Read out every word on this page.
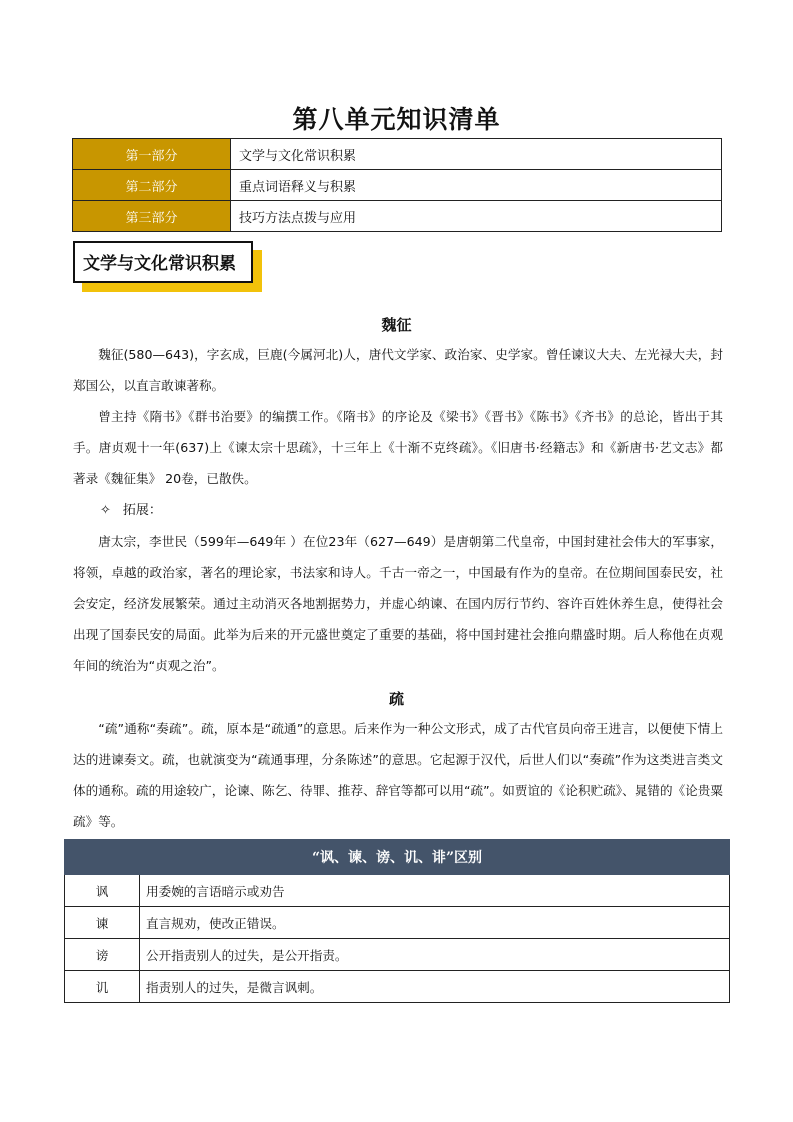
第八单元知识清单
第一部分	文学与文化常识积累
第二部分	重点词语释义与积累
第三部分	技巧方法点拨与应用
文学与文化常识积累
魏征

魏征(580—643)，字玄成，巨鹿(今属河北)人，唐代文学家、政治家、史学家。曾任谏议大夫、左光禄大夫，封郑国公，以直言敢谏著称。

曾主持《隋书》《群书治要》的编撰工作。《隋书》的序论及《梁书》《晋书》《陈书》《齐书》的总论，皆出于其手。唐贞观十一年(637)上《谏太宗十思疏》，十三年上《十渐不克终疏》。《旧唐书·经籍志》和《新唐书·艺文志》都著录《魏征集》 20卷，已散佚。

✧ 拓展：

唐太宗，李世民（599年—649年 ）在位23年（627—649）是唐朝第二代皇帝，中国封建社会伟大的军事家，将领，卓越的政治家，著名的理论家，书法家和诗人。千古一帝之一，中国最有作为的皇帝。在位期间国泰民安，社会安定，经济发展繁荣。通过主动消灭各地割据势力，并虚心纳谏、在国内厉行节约、容许百姓休养生息，使得社会出现了国泰民安的局面。此举为后来的开元盛世奠定了重要的基础，将中国封建社会推向鼎盛时期。后人称他在贞观年间的统治为“贞观之治”。

疏

“疏”通称“奏疏”。疏，原本是“疏通”的意思。后来作为一种公文形式，成了古代官员向帝王进言，以便使下情上达的进谏奏文。疏，也就演变为“疏通事理，分条陈述”的意思。它起源于汉代，后世人们以“奏疏”作为这类进言类文体的通称。疏的用途较广，论谏、陈乞、待罪、推荐、辞官等都可以用“疏”。如贾谊的《论积贮疏》、晁错的《论贵粟疏》等。

“讽、谏、谤、讥、诽”区别	
讽	用委婉的言语暗示或劝告
谏	直言规劝，使改正错误。
谤	公开指责别人的过失，是公开指责。
讥	指责别人的过失，是微言讽刺。
